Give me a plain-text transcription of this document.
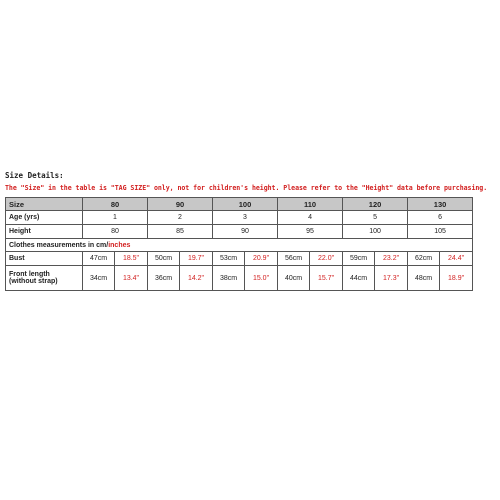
Size Details:
The "Size" in the table is "TAG SIZE" only, not for children's height. Please refer to the "Height" data before purchasing.
Size	80		90		100		110		120		130	
Age (yrs)	1		2		3		4		5		6	
Height	80		85		90		95		100		105	
Clothes measurements in cm/inches												
Bust	47cm	18.5"	50cm	19.7"	53cm	20.9"	56cm	22.0"	59cm	23.2"	62cm	24.4"
Front length
(without strap)	34cm	13.4"	36cm	14.2"	38cm	15.0"	40cm	15.7"	44cm	17.3"	48cm	18.9"
